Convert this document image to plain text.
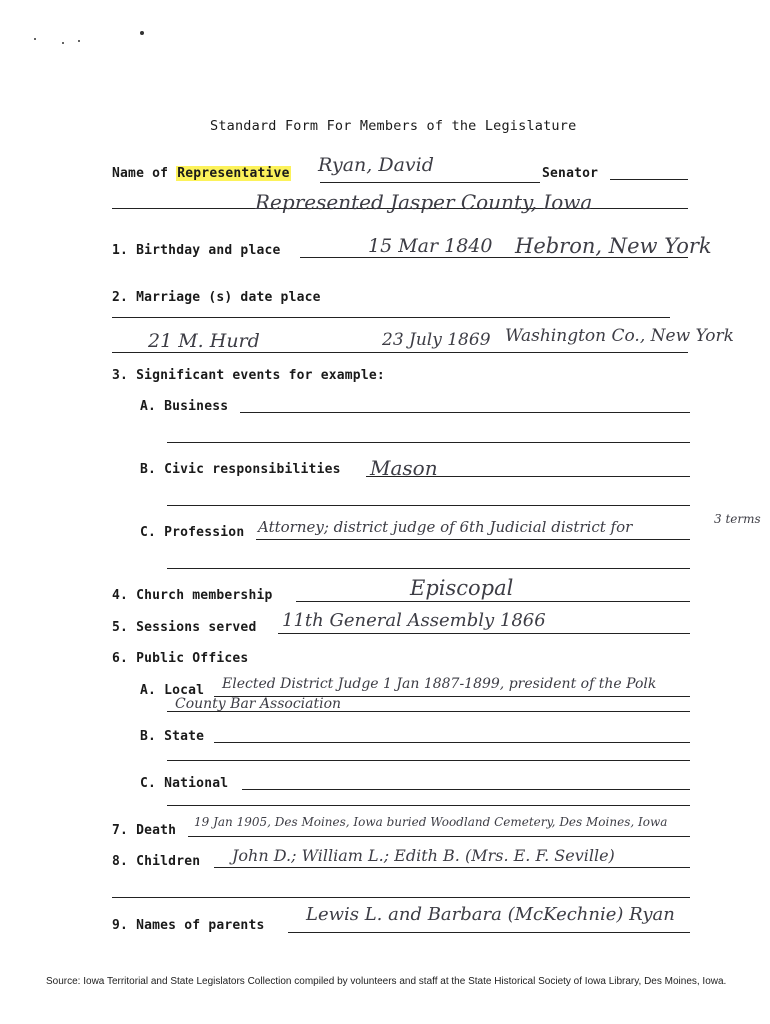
Standard Form For Members of the Legislature
Name of Representative Ryan, David	Senator
Represented Jasper County, Iowa
1. Birthday and place	15 Mar 1840 Hebron, New York
2. Marriage (s) date place
21 M. Hurd	23 July 1869 Washington Co., New York
3. Significant events for example:
A. Business
B. Civic responsibilities Mason
C. Profession Attorney; district judge of 6th Judicial district for	3 terms
4. Church membership	Episcopal
5. Sessions served 11th General Assembly 1866
6. Public Offices
A. Local Elected District Judge 1 Jan 1887-1899, president of the Polk
County Bar Association
B. State
C. National
7. Death
19 Jan 1905, Des Moines, Iowa buried Woodland Cemetery, Des Moines, Iowa
8. Children John D.; William L.; Edith B. (Mrs. E. F. Seville)
9. Names of parents
Lewis L. and Barbara (McKechnie) Ryan
Source: Iowa Territorial and State Legislators Collection compiled by volunteers and staff at the State Historical Society of Iowa Library, Des Moines, Iowa.
